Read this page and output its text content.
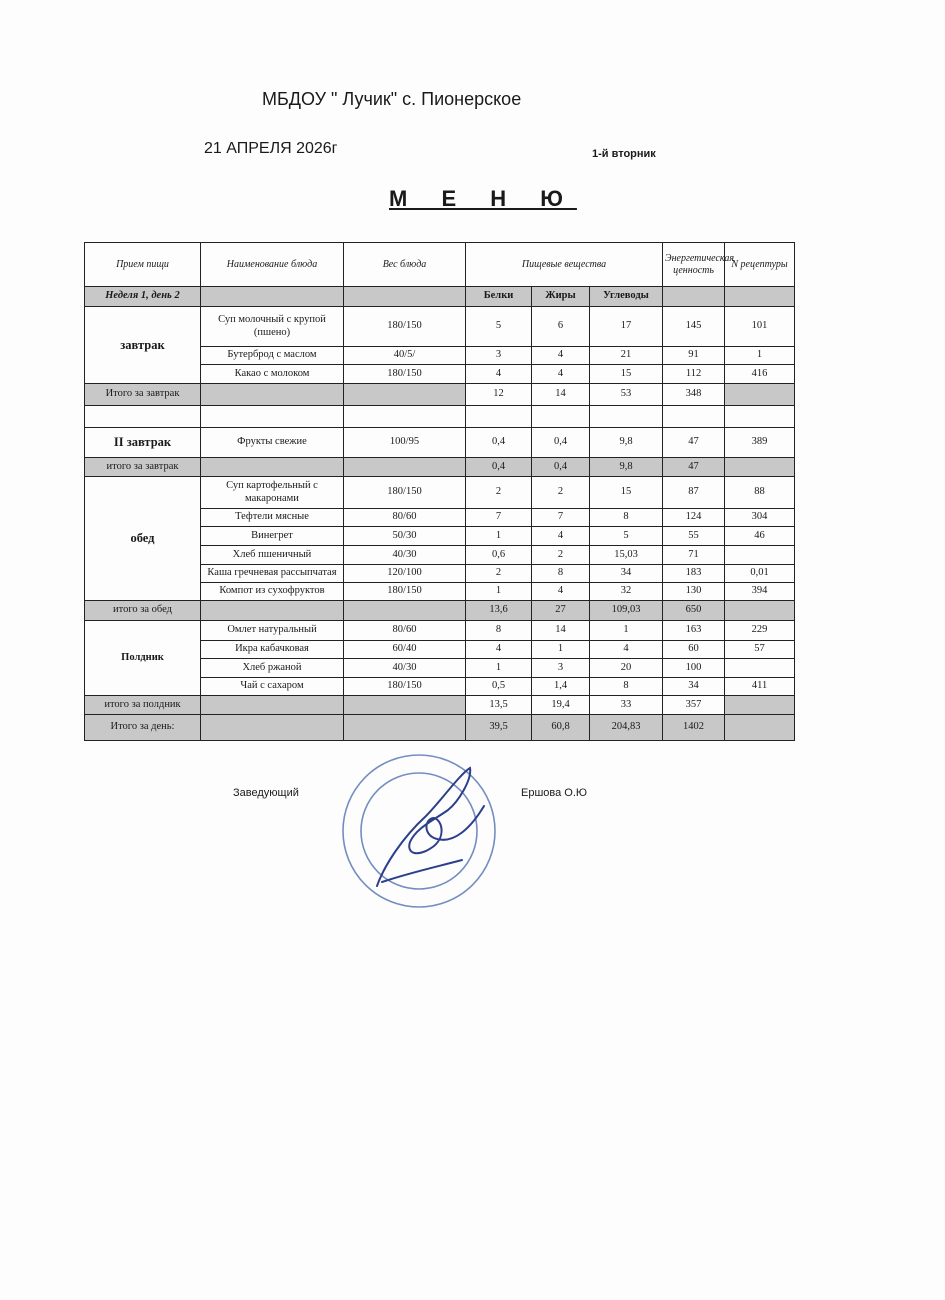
МБДОУ " Лучик" с. Пионерское
21 АПРЕЛЯ 2026г	1-й вторник
М Е Н Ю
Прием пищи	Наименование блюда	Вес блюда	Пищевые вещества			Энергетическая ценность	N рецептуры
Неделя 1, день 2			Белки	Жиры	Углеводы		
завтрак	Суп молочный с крупой (пшено)	180/150	5	6	17	145	101
	Бутерброд с маслом	40/5/	3	4	21	91	1
	Какао с молоком	180/150	4	4	15	112	416
Итого за завтрак			12	14	53	348	

II завтрак	Фрукты свежие	100/95	0,4	0,4	9,8	47	389
итого за завтрак			0,4	0,4	9,8	47	
обед	Суп картофельный с макаронами	180/150	2	2	15	87	88
	Тефтели мясные	80/60	7	7	8	124	304
	Винегрет	50/30	1	4	5	55	46
	Хлеб пшеничный	40/30	0,6	2	15,03	71	
	Каша гречневая рассыпчатая	120/100	2	8	34	183	0,01
	Компот из сухофруктов	180/150	1	4	32	130	394
итого за обед			13,6	27	109,03	650	
Полдник	Омлет натуральный	80/60	8	14	1	163	229
	Икра кабачковая	60/40	4	1	4	60	57
	Хлеб ржаной	40/30	1	3	20	100	
	Чай с сахаром	180/150	0,5	1,4	8	34	411
итого за полдник			13,5	19,4	33	357	
Итого за день:			39,5	60,8	204,83	1402	
Заведующий	Ершова О.Ю
